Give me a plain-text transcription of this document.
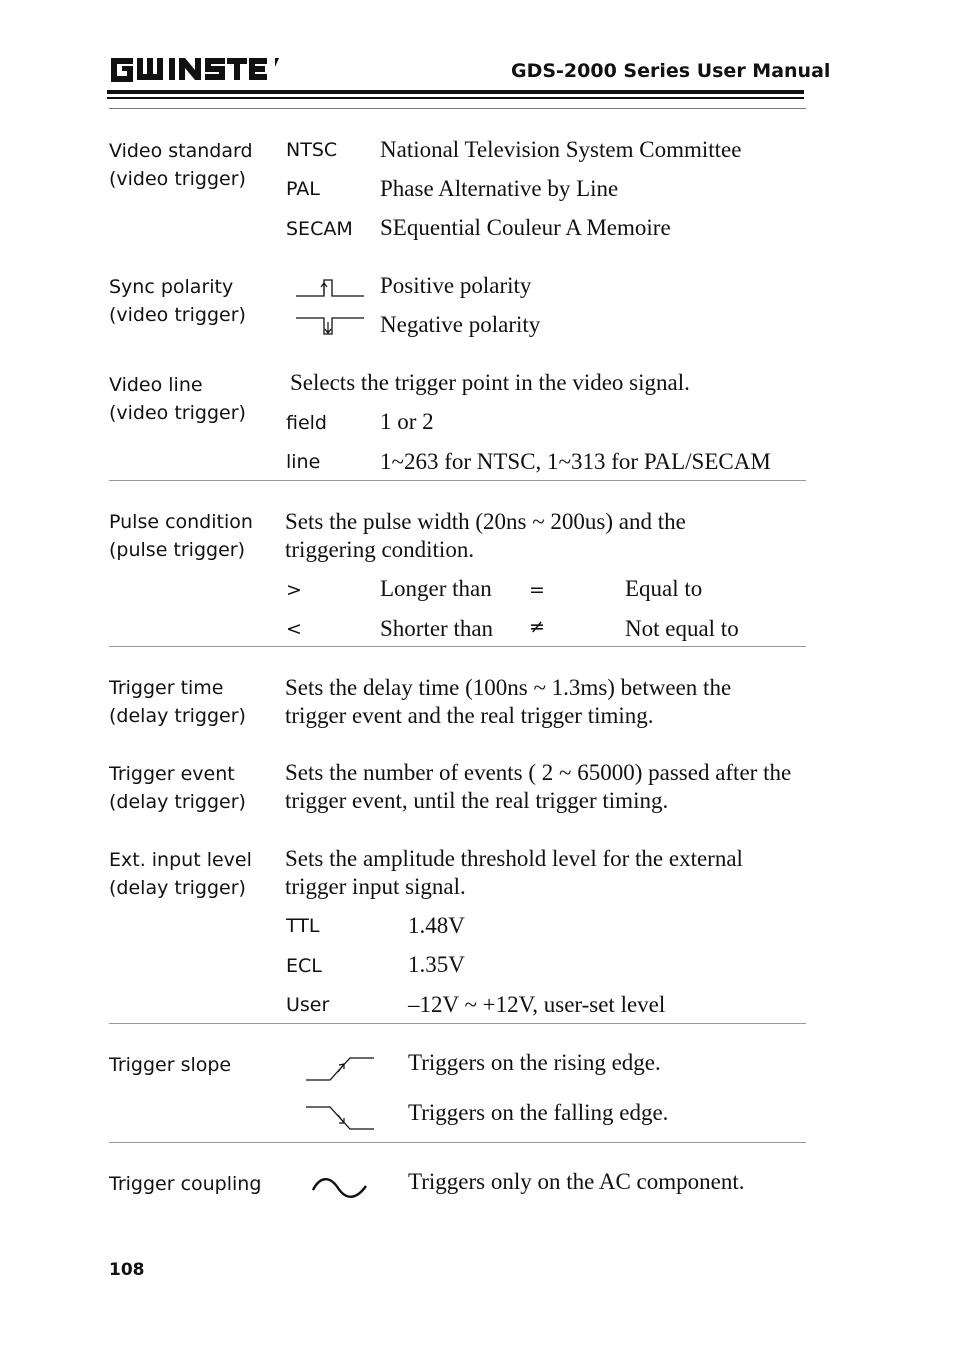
GDS-2000 Series User Manual
Video standard
(video trigger)
NTSC National Television System Committee
PAL	Phase Alternative by Line
SECAM SEquential Couleur A Memoire
Sync polarity
(video trigger)
Positive polarity
Negative polarity
Video line
(video trigger)
Selects the trigger point in the video signal.
field 1 or 2
line	1~263 for NTSC, 1~313 for PAL/SECAM
Pulse condition
(pulse trigger)
Sets the pulse width (20ns ~ 200us) and the triggering condition.
>	Longer than =	Equal to
<	Shorter than ≠	Not equal to
Trigger time
(delay trigger)
Sets the delay time (100ns ~ 1.3ms) between the trigger event and the real trigger timing.
Trigger event
(delay trigger)
Sets the number of events ( 2 ~ 65000) passed after the trigger event, until the real trigger timing.
Ext. input level
(delay trigger)
Sets the amplitude threshold level for the external trigger input signal.
TTL	1.48V
ECL	1.35V
User	–12V ~ +12V, user-set level
Trigger slope	Triggers on the rising edge.
Triggers on the falling edge.
Trigger coupling	Triggers only on the AC component.
108
